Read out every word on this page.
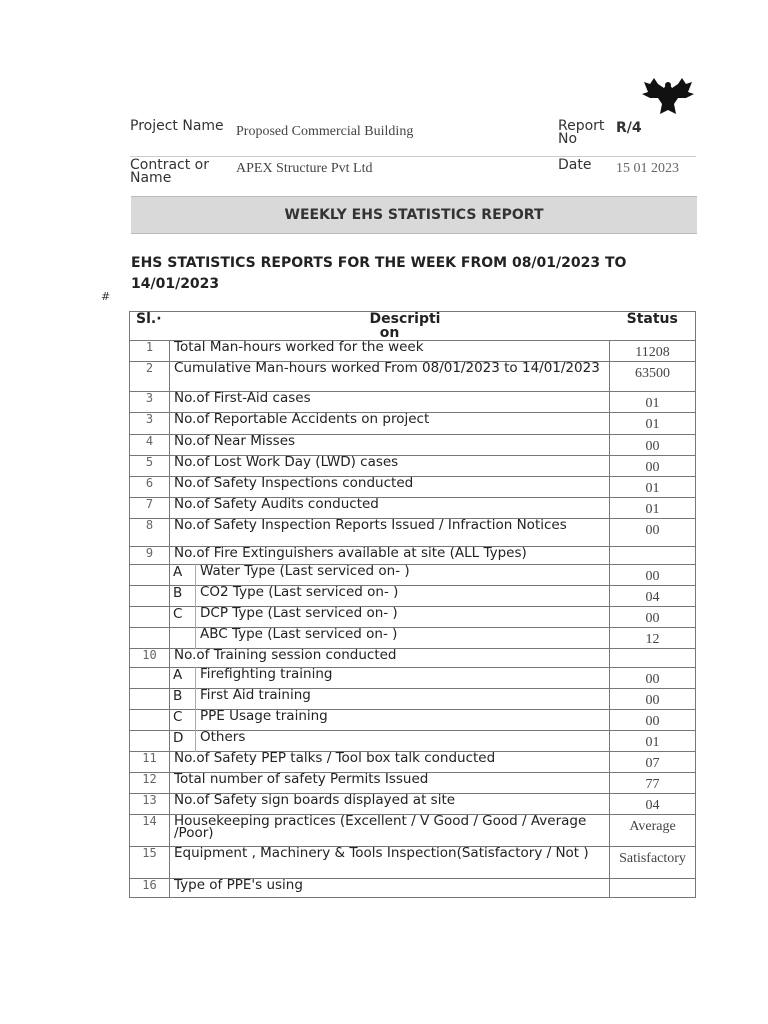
Project Name	Proposed Commercial Building	Report No	R/4
Contract or Name	APEX Structure Pvt Ltd	Date	15 01 2023
WEEKLY EHS STATISTICS REPORT
EHS STATISTICS REPORTS FOR THE WEEK FROM 08/01/2023 TO 14/01/2023
#
Sl.·	Descripti on		Status
1	Total Man-hours worked for the week		11208
2	Cumulative Man-hours worked From 08/01/2023 to 14/01/2023		63500
3	No.of First-Aid cases		01
3	No.of Reportable Accidents on project		01
4	No.of Near Misses		00
5	No.of Lost Work Day (LWD) cases		00
6	No.of Safety Inspections conducted		01
7	No.of Safety Audits conducted		01
8	No.of Safety Inspection Reports Issued / Infraction Notices		00
9	No.of Fire Extinguishers available at site (ALL Types)		
	A	Water Type (Last serviced on- )	00
	B	CO2 Type (Last serviced on- )	04
	C	DCP Type (Last serviced on- )	00
		ABC Type (Last serviced on- )	12
10	No.of Training session conducted		
	A	Firefighting training	00
	B	First Aid training	00
	C	PPE Usage training	00
	D	Others	01
11	No.of Safety PEP talks / Tool box talk conducted		07
12	Total number of safety Permits Issued		77
13	No.of Safety sign boards displayed at site		04
14	Housekeeping practices (Excellent / V Good / Good / Average /Poor)		Average
15	Equipment , Machinery & Tools Inspection(Satisfactory / Not )		Satisfactory
16	Type of PPE's using		
